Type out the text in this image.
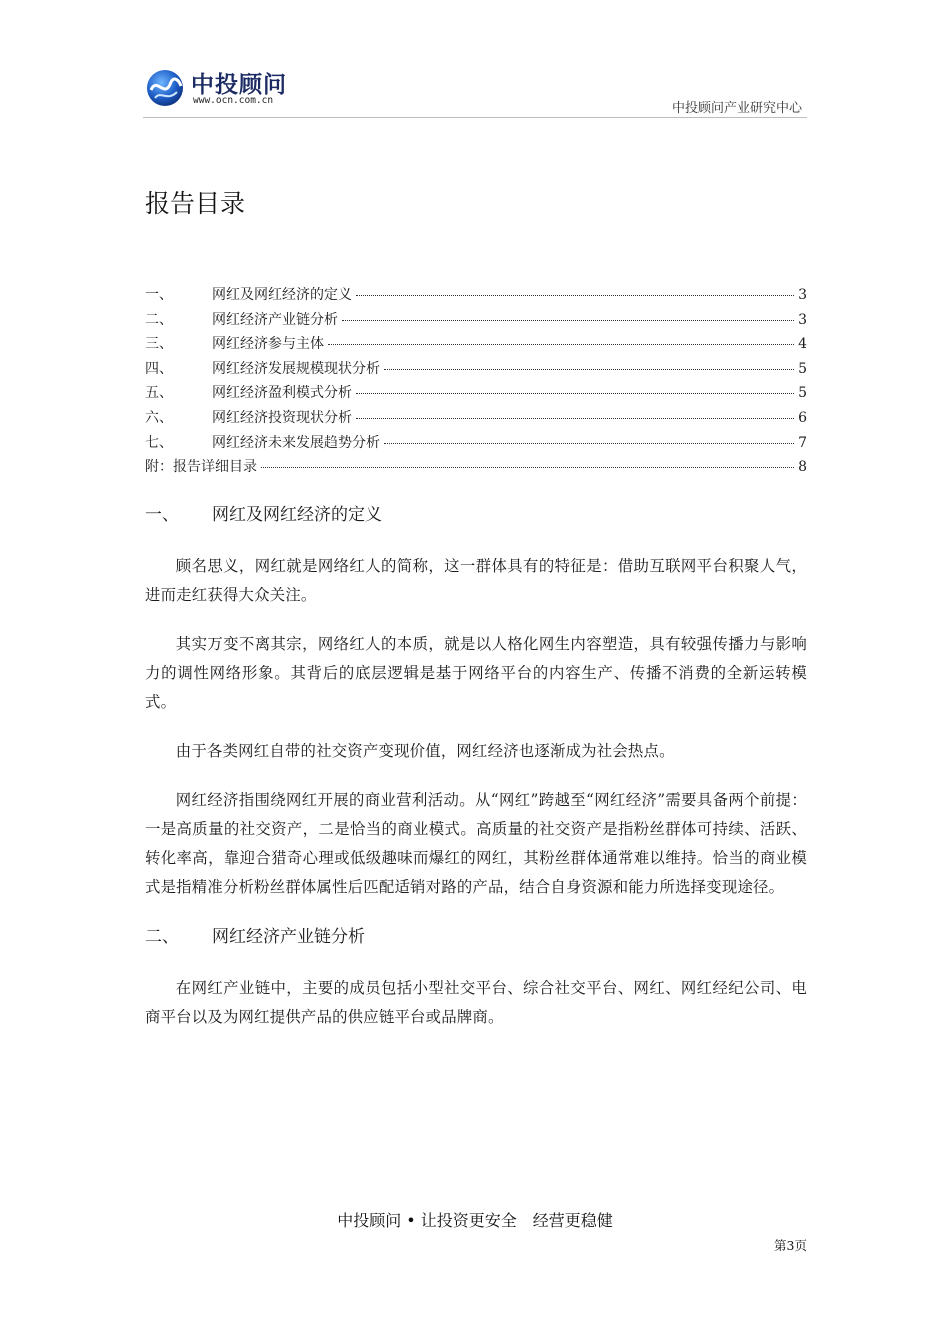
中投顾问
www.ocn.com.cn
中投顾问产业研究中心
报告目录
一、	网红及网红经济的定义	3
二、	网红经济产业链分析	3
三、	网红经济参与主体	4
四、	网红经济发展规模现状分析	5
五、	网红经济盈利模式分析	5
六、	网红经济投资现状分析	6
七、	网红经济未来发展趋势分析	7
附：报告详细目录	8
一、	网红及网红经济的定义

顾名思义，网红就是网络红人的简称，这一群体具有的特征是：借助互联网平台积聚人气，进而走红获得大众关注。

其实万变不离其宗，网络红人的本质，就是以人格化网生内容塑造，具有较强传播力与影响力的调性网络形象。其背后的底层逻辑是基于网络平台的内容生产、传播不消费的全新运转模式。

由于各类网红自带的社交资产变现价值，网红经济也逐渐成为社会热点。

网红经济指围绕网红开展的商业营利活动。从“网红”跨越至“网红经济”需要具备两个前提：一是高质量的社交资产，二是恰当的商业模式。高质量的社交资产是指粉丝群体可持续、活跃、转化率高，靠迎合猎奇心理或低级趣味而爆红的网红，其粉丝群体通常难以维持。恰当的商业模式是指精准分析粉丝群体属性后匹配适销对路的产品，结合自身资源和能力所选择变现途径。

二、	网红经济产业链分析

在网红产业链中，主要的成员包括小型社交平台、综合社交平台、网红、网红经纪公司、电商平台以及为网红提供产品的供应链平台或品牌商。

中投顾问 • 让投资更安全　经营更稳健
第3页
